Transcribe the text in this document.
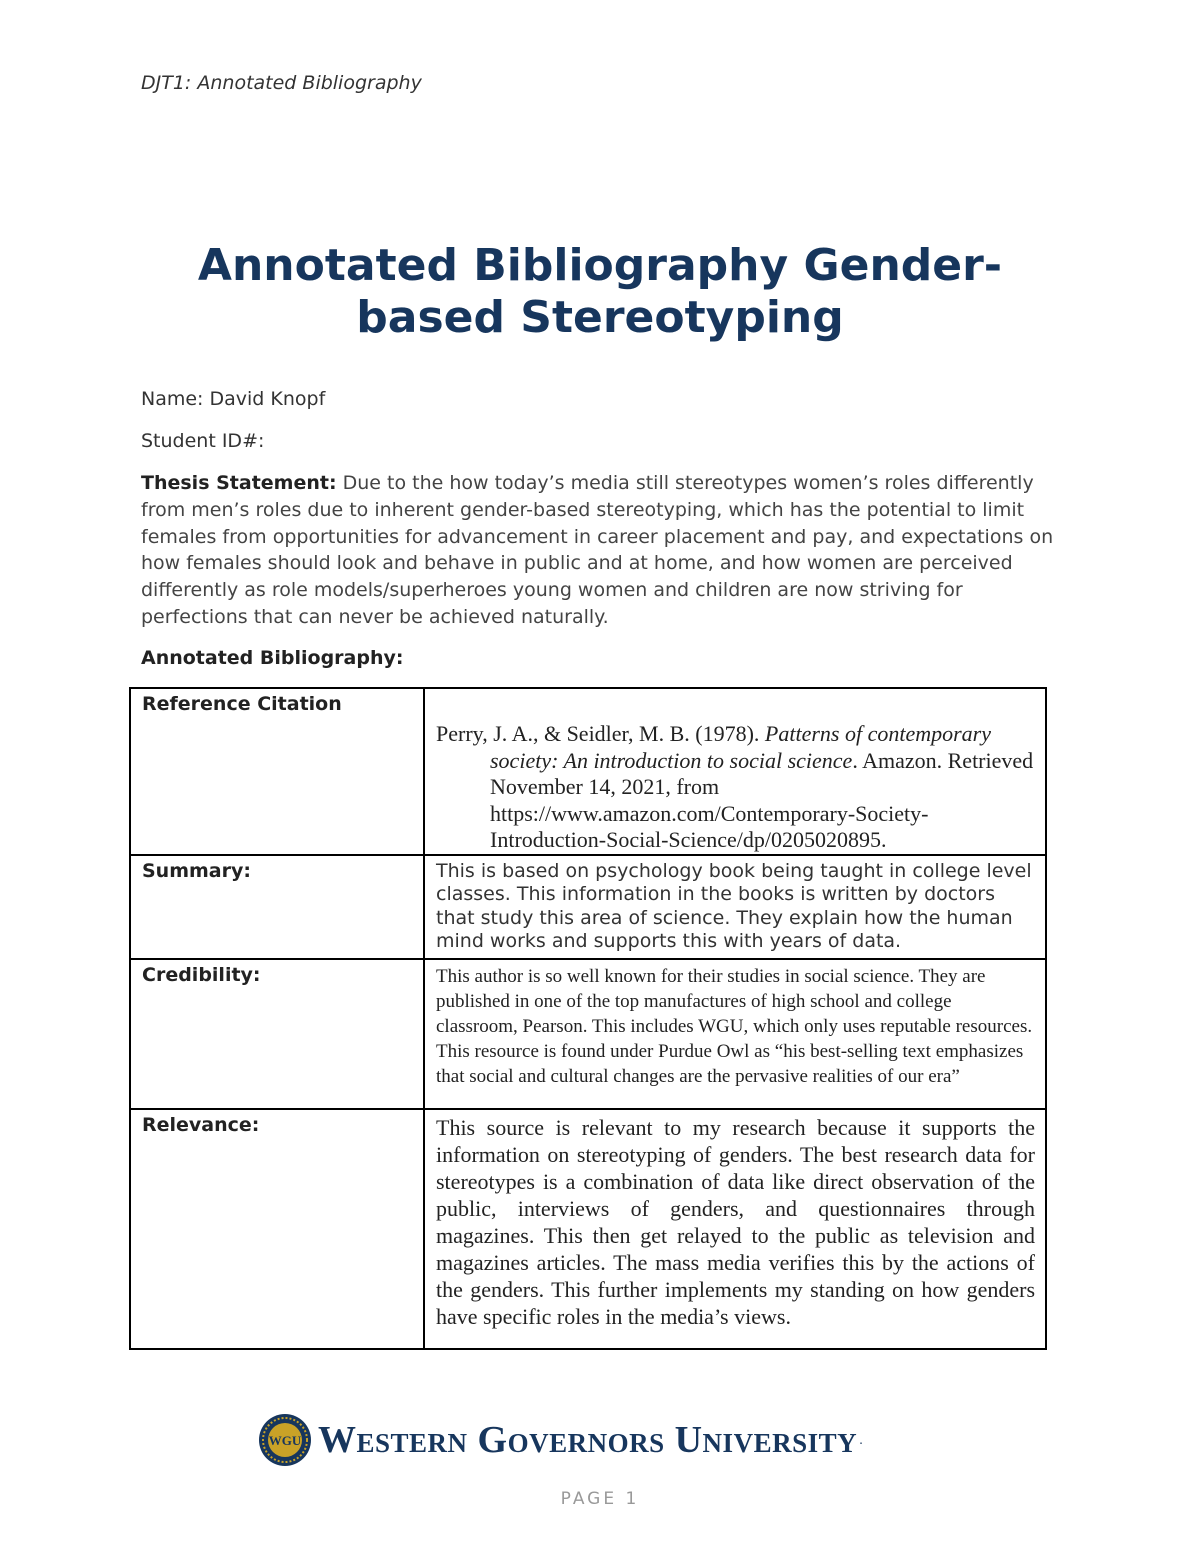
DJT1: Annotated Bibliography
Annotated Bibliography Gender-
based Stereotyping
Name: David Knopf
Student ID#:
Thesis Statement: Due to the how today’s media still stereotypes women’s roles differently from men’s roles due to inherent gender-based stereotyping, which has the potential to limit females from opportunities for advancement in career placement and pay, and expectations on how females should look and behave in public and at home, and how women are perceived differently as role models/superheroes young women and children are now striving for perfections that can never be achieved naturally.
Annotated Bibliography:
Reference Citation	Perry, J. A., & Seidler, M. B. (1978). Patterns of contemporary society: An introduction to social science. Amazon. Retrieved November 14, 2021, from https://www.amazon.com/Contemporary-Society-Introduction-Social-Science/dp/0205020895.

Summary:	This is based on psychology book being taught in college level classes. This information in the books is written by doctors that study this area of science. They explain how the human mind works and supports this with years of data.

Credibility:	This author is so well known for their studies in social science. They are published in one of the top manufactures of high school and college classroom, Pearson. This includes WGU, which only uses reputable resources. This resource is found under Purdue Owl as “his best-selling text emphasizes that social and cultural changes are the pervasive realities of our era”

Relevance:	This source is relevant to my research because it supports the information on stereotyping of genders. The best research data for stereotypes is a combination of data like direct observation of the public, interviews of genders, and questionnaires through magazines. This then get relayed to the public as television and magazines articles. The mass media verifies this by the actions of the genders. This further implements my standing on how genders have specific roles in the media’s views.
WGU Western Governors University .
PAGE 1
